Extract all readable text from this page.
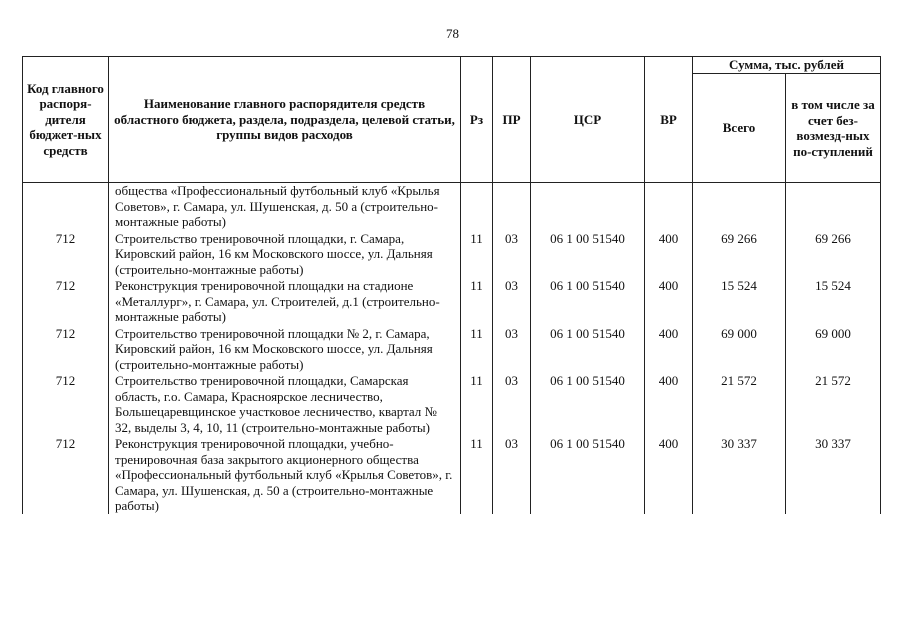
78
Код главного распоря-дителя бюджет-ных средств	Наименование главного распорядителя средств областного бюджета, раздела, подраздела, целевой статьи, группы видов расходов	Рз	ПР	ЦСР	ВР	Сумма, тыс. рублей	
						Всего	в том числе за счет без-возмезд-ных по-ступлений
	общества «Профессиональный футбольный клуб «Крылья Советов», г. Самара, ул. Шушенская, д. 50 а (строительно-монтажные работы)						
712	Строительство тренировочной площадки, г. Самара, Кировский район, 16 км Московского шоссе, ул. Дальняя (строительно-монтажные работы)	11	03	06 1 00 51540	400	69 266	69 266
712	Реконструкция тренировочной площадки на стадионе «Металлург», г. Самара, ул. Строителей, д.1 (строительно-монтажные работы)	11	03	06 1 00 51540	400	15 524	15 524
712	Строительство тренировочной площадки № 2, г. Самара, Кировский район, 16 км Московского шоссе, ул. Дальняя (строительно-монтажные работы)	11	03	06 1 00 51540	400	69 000	69 000
712	Строительство тренировочной площадки, Самарская область, г.о. Самара, Красноярское лесничество, Большецаревщинское участковое лесничество, квартал № 32, выделы 3, 4, 10, 11 (строительно-монтажные работы)	11	03	06 1 00 51540	400	21 572	21 572
712	Реконструкция тренировочной площадки, учебно-тренировочная база закрытого акционерного общества «Профессиональный футбольный клуб «Крылья Советов», г. Самара, ул. Шушенская, д. 50 а (строительно-монтажные работы)	11	03	06 1 00 51540	400	30 337	30 337
